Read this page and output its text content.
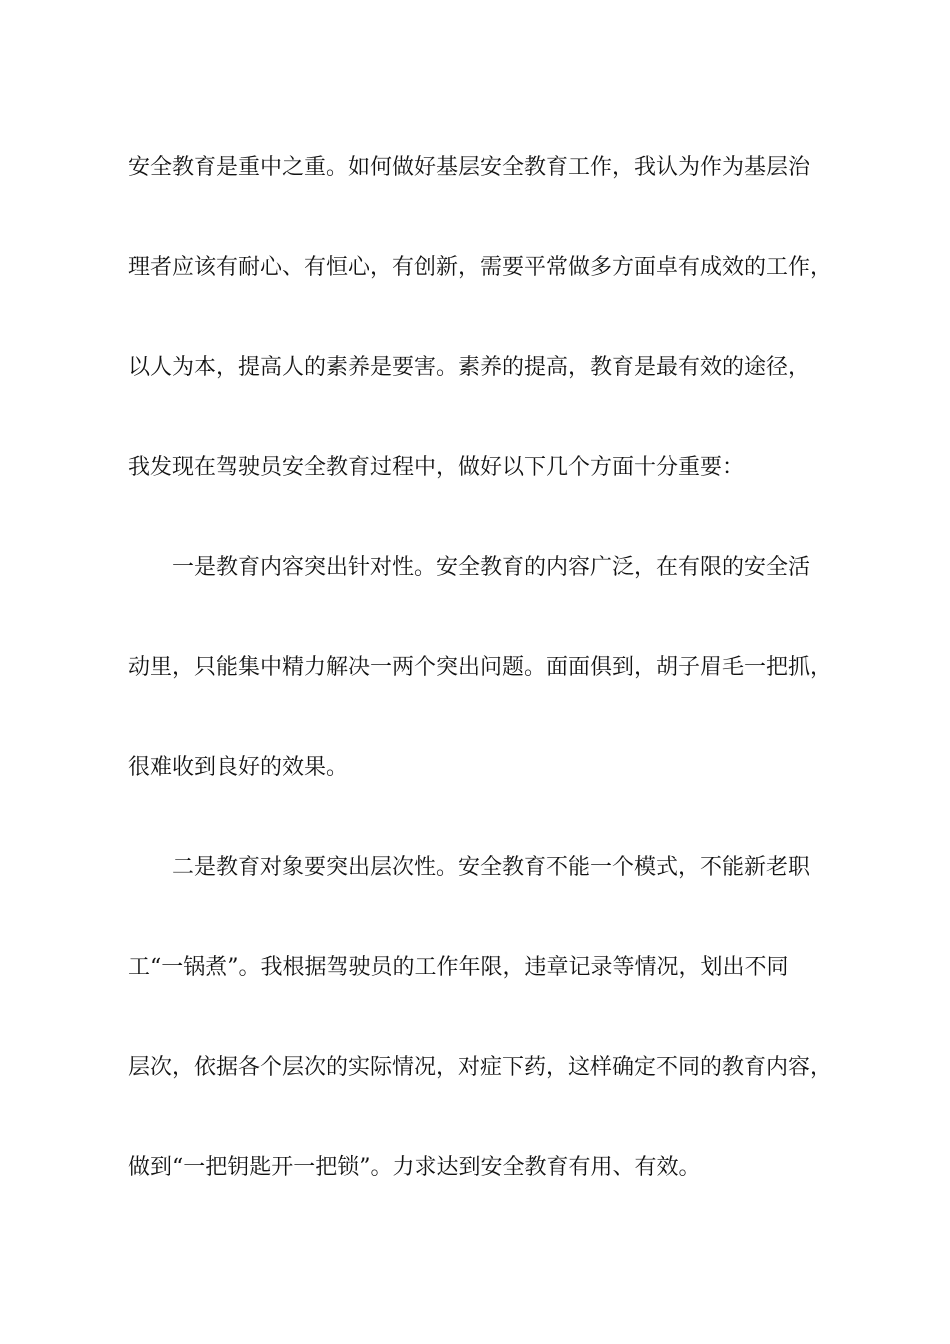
安全教育是重中之重。如何做好基层安全教育工作，我认为作为基层治
理者应该有耐心、有恒心，有创新，需要平常做多方面卓有成效的工作，
以人为本，提高人的素养是要害。素养的提高，教育是最有效的途径，
我发现在驾驶员安全教育过程中，做好以下几个方面十分重要：
一是教育内容突出针对性。安全教育的内容广泛，在有限的安全活
动里，只能集中精力解决一两个突出问题。面面俱到，胡子眉毛一把抓，
很难收到良好的效果。
二是教育对象要突出层次性。安全教育不能一个模式，不能新老职
工“一锅煮”。我根据驾驶员的工作年限，违章记录等情况，划出不同
层次，依据各个层次的实际情况，对症下药，这样确定不同的教育内容，
做到“一把钥匙开一把锁”。力求达到安全教育有用、有效。
